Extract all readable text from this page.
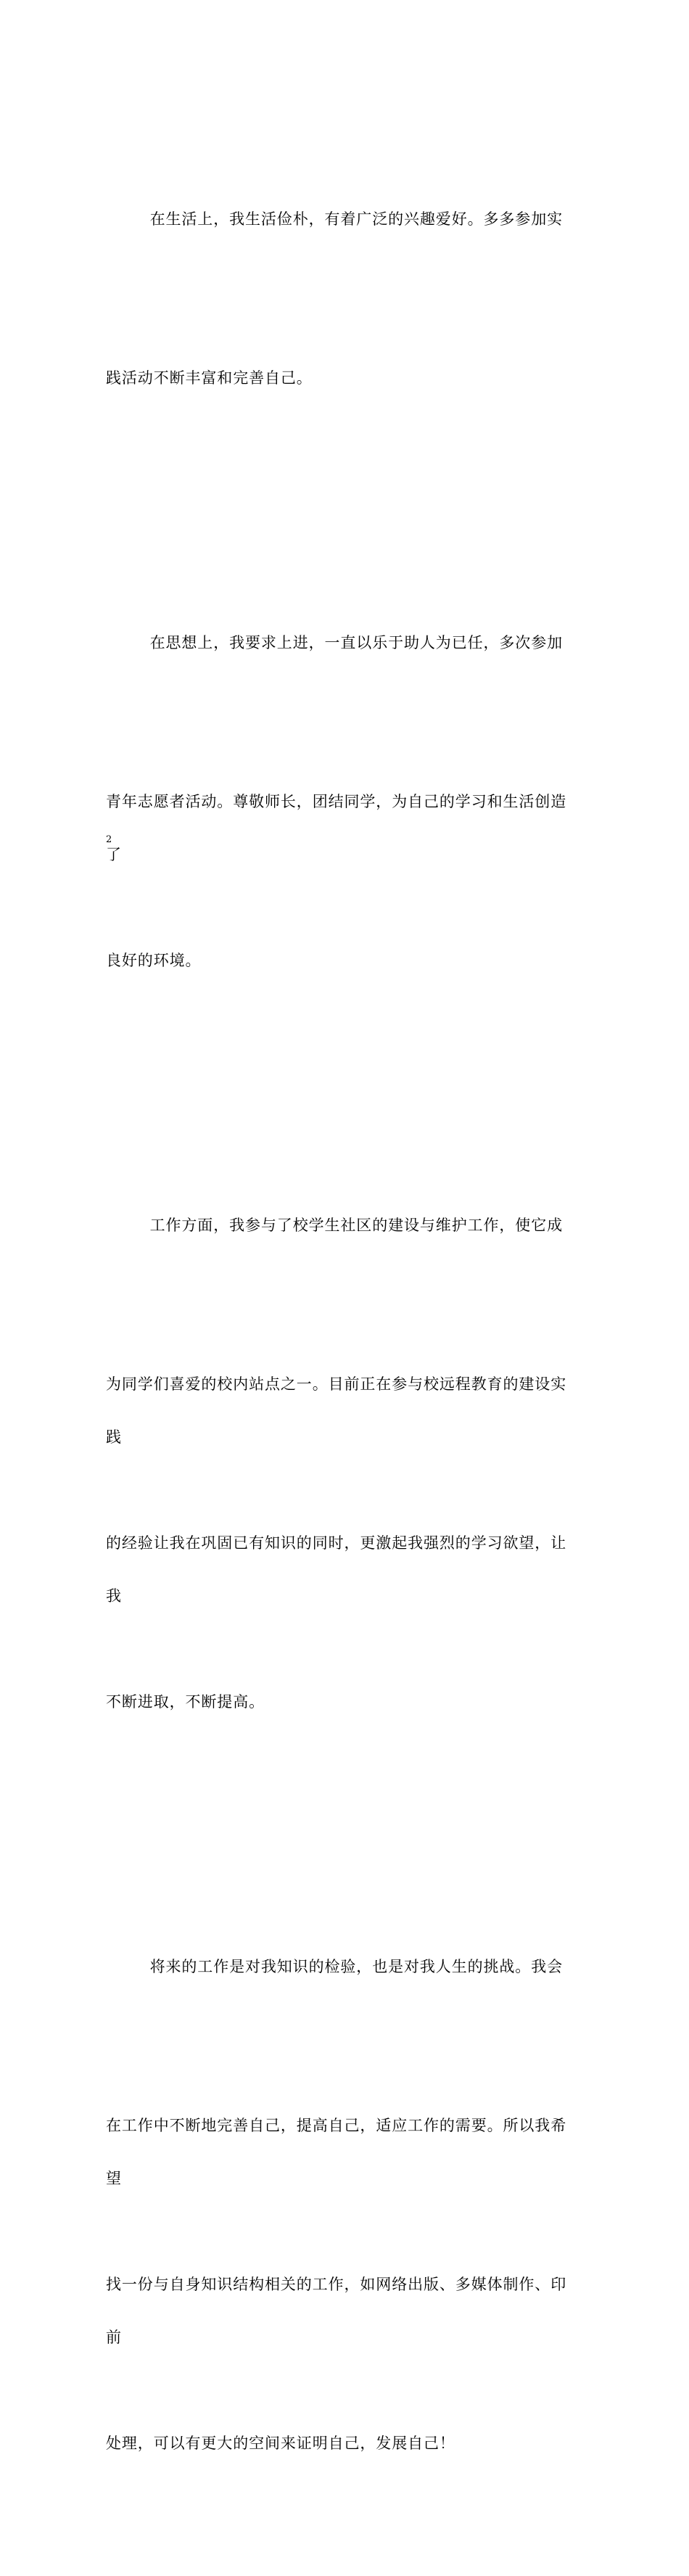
在生活上，我生活俭朴，有着广泛的兴趣爱好。多多参加实

践活动不断丰富和完善自己。

在思想上，我要求上进，一直以乐于助人为已任，多次参加

青年志愿者活动。尊敬师长，团结同学，为自己的学习和生活创造了

良好的环境。

工作方面，我参与了校学生社区的建设与维护工作，使它成

为同学们喜爱的校内站点之一。目前正在参与校远程教育的建设实践

的经验让我在巩固已有知识的同时，更激起我强烈的学习欲望，让我

不断进取，不断提高。

将来的工作是对我知识的检验，也是对我人生的挑战。我会

在工作中不断地完善自己，提高自己，适应工作的需要。所以我希望

找一份与自身知识结构相关的工作，如网络出版、多媒体制作、印前

处理，可以有更大的空间来证明自己，发展自己！

2
